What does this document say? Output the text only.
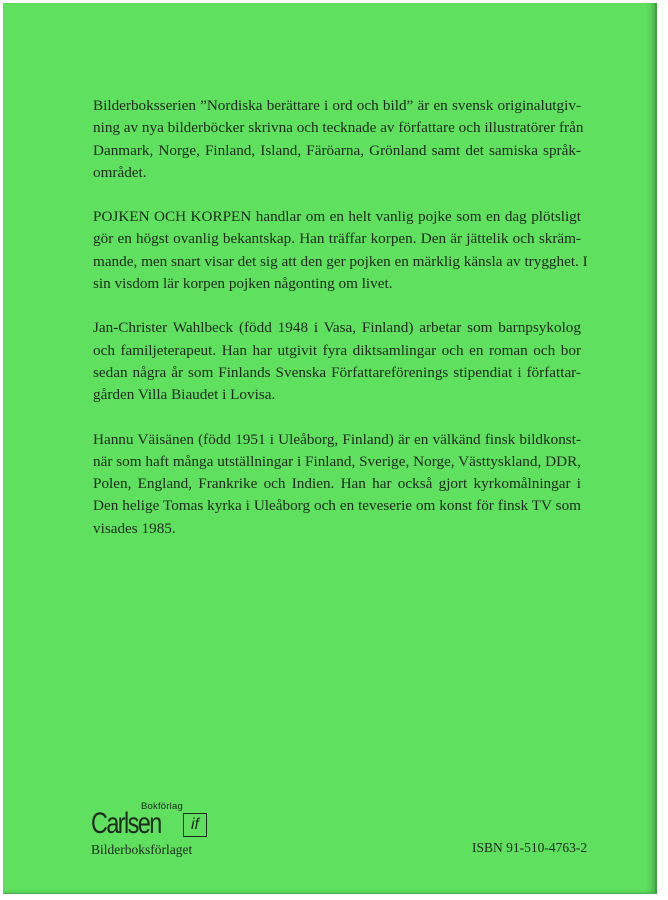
Bilderboksserien ”Nordiska berättare i ord och bild” är en svensk originalutgiv-
ning av nya bilderböcker skrivna och tecknade av författare och illustratörer från
Danmark, Norge, Finland, Island, Färöarna, Grönland samt det samiska språk-
området.

POJKEN OCH KORPEN handlar om en helt vanlig pojke som en dag plötsligt
gör en högst ovanlig bekantskap. Han träffar korpen. Den är jättelik och skräm-
mande, men snart visar det sig att den ger pojken en märklig känsla av trygghet. I
sin visdom lär korpen pojken någonting om livet.

Jan-Christer Wahlbeck (född 1948 i Vasa, Finland) arbetar som barnpsykolog
och familjeterapeut. Han har utgivit fyra diktsamlingar och en roman och bor
sedan några år som Finlands Svenska Författareförenings stipendiat i författar-
gården Villa Biaudet i Lovisa.

Hannu Väisänen (född 1951 i Uleåborg, Finland) är en välkänd finsk bildkonst-
när som haft många utställningar i Finland, Sverige, Norge, Västtyskland, DDR,
Polen, England, Frankrike och Indien. Han har också gjort kyrkomålningar i
Den helige Tomas kyrka i Uleåborg och en teveserie om konst för finsk TV som
visades 1985.

Bokförlag
Carlsen	if
Bilderboksförlaget	ISBN 91-510-4763-2
